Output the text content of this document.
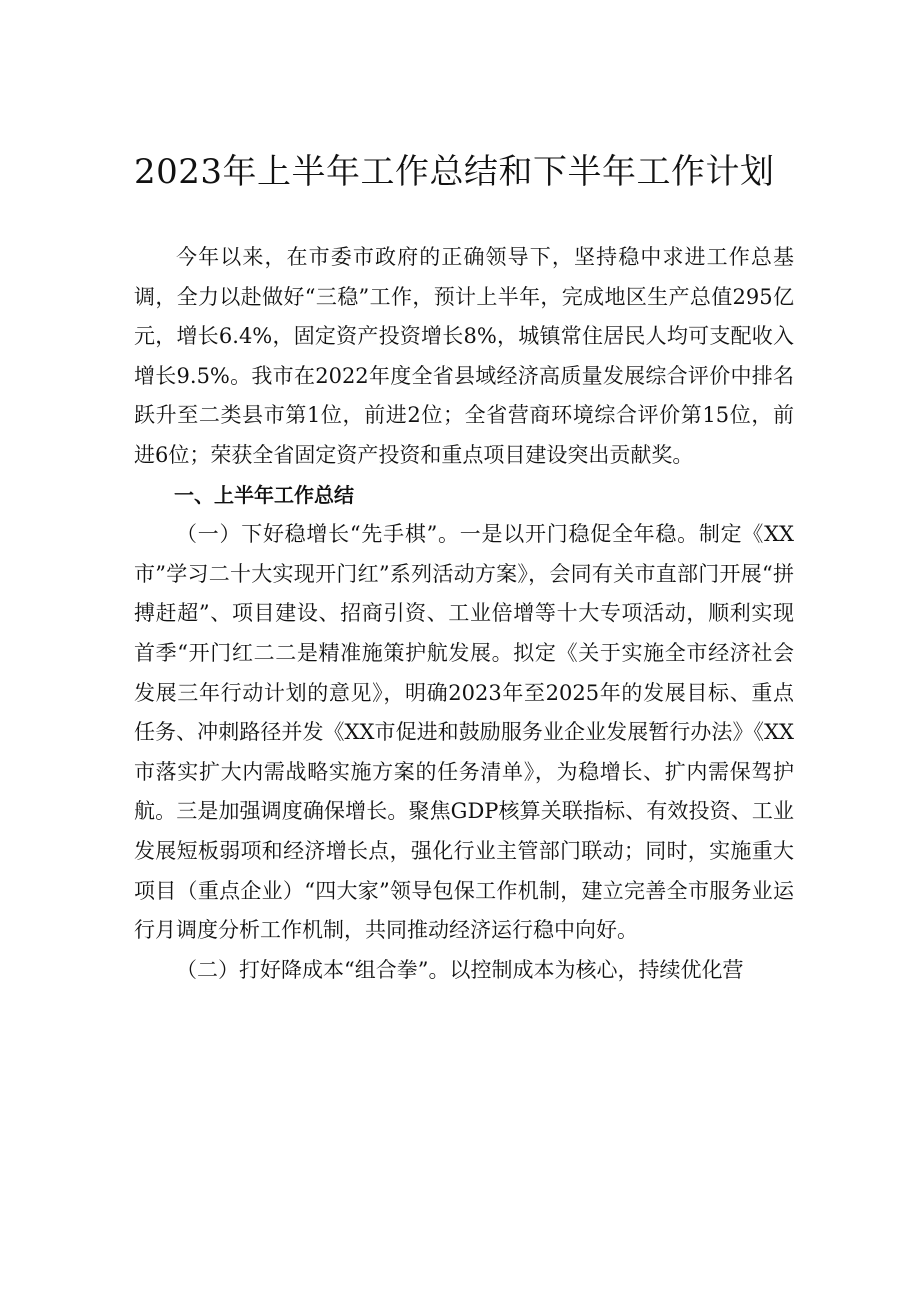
2023年上半年工作总结和下半年工作计划

今年以来，在市委市政府的正确领导下，坚持稳中求进工作总基调，全力以赴做好“三稳”工作，预计上半年，完成地区生产总值295亿元，增长6.4%，固定资产投资增长8%，城镇常住居民人均可支配收入增长9.5%。我市在2022年度全省县域经济高质量发展综合评价中排名跃升至二类县市第1位，前进2位；全省营商环境综合评价第15位，前进6位；荣获全省固定资产投资和重点项目建设突出贡献奖。

一、上半年工作总结

（一）下好稳增长“先手棋”。一是以开门稳促全年稳。制定《XX市”学习二十大实现开门红”系列活动方案》，会同有关市直部门开展“拼搏赶超”、项目建设、招商引资、工业倍增等十大专项活动，顺利实现首季“开门红二二是精准施策护航发展。拟定《关于实施全市经济社会发展三年行动计划的意见》，明确2023年至2025年的发展目标、重点任务、冲刺路径并发《XX市促进和鼓励服务业企业发展暂行办法》《XX市落实扩大内需战略实施方案的任务清单》，为稳增长、扩内需保驾护航。三是加强调度确保增长。聚焦GDP核算关联指标、有效投资、工业发展短板弱项和经济增长点，强化行业主管部门联动；同时，实施重大项目（重点企业）“四大家”领导包保工作机制，建立完善全市服务业运行月调度分析工作机制，共同推动经济运行稳中向好。

（二）打好降成本“组合拳”。以控制成本为核心，持续优化营
